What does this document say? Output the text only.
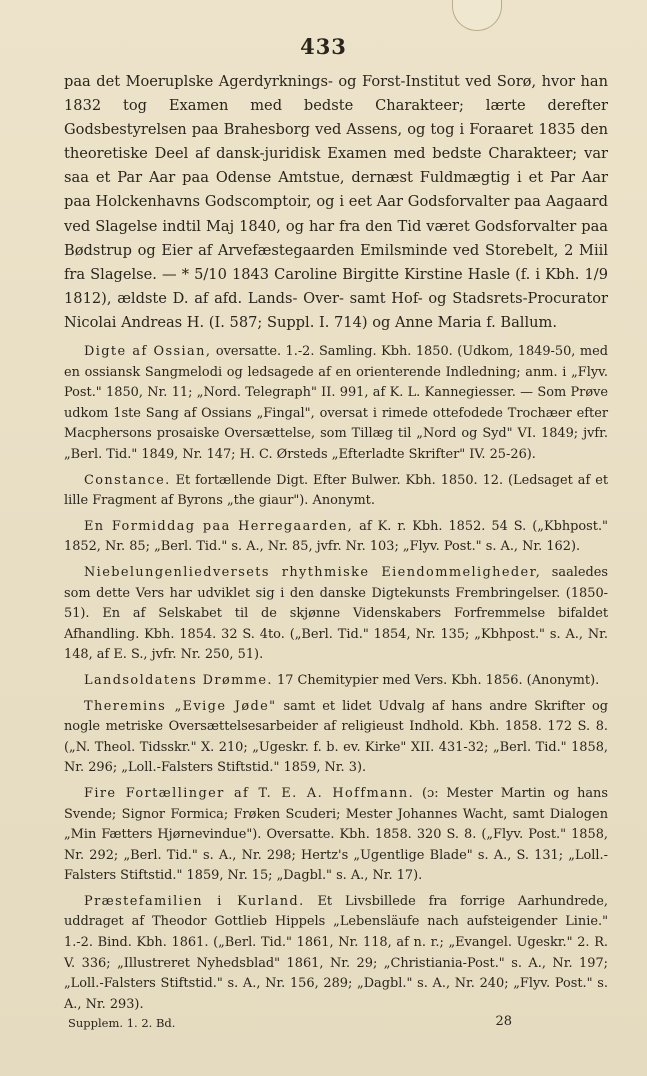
433

paa det Moeruplske Agerdyrknings- og Forst-Institut ved Sorø, hvor han 1832 tog Examen med bedste Charakteer; lærte derefter Godsbestyrelsen paa Brahesborg ved Assens, og tog i Foraaret 1835 den theoretiske Deel af dansk-juridisk Examen med bedste Charakteer; var saa et Par Aar paa Odense Amtstue, dernæst Fuldmægtig i et Par Aar paa Holckenhavns Godscomptoir, og i eet Aar Godsforvalter paa Aagaard ved Slagelse indtil Maj 1840, og har fra den Tid været Godsforvalter paa Bødstrup og Eier af Arvefæstegaarden Emilsminde ved Storebelt, 2 Miil fra Slagelse. — * 5/10 1843 Caroline Birgitte Kirstine Hasle (f. i Kbh. 1/9 1812), ældste D. af afd. Lands- Over- samt Hof- og Stadsrets-Procurator Nicolai Andreas H. (I. 587; Suppl. I. 714) og Anne Maria f. Ballum.

Digte af Ossian, oversatte. 1.-2. Samling. Kbh. 1850. (Udkom, 1849-50, med en ossiansk Sangmelodi og ledsagede af en orienterende Indledning; anm. i „Flyv. Post." 1850, Nr. 11; „Nord. Telegraph" II. 991, af K. L. Kannegiesser. — Som Prøve udkom 1ste Sang af Ossians „Fingal", oversat i rimede ottefodede Trochæer efter Macphersons prosaiske Oversættelse, som Tillæg til „Nord og Syd" VI. 1849; jvfr. „Berl. Tid." 1849, Nr. 147; H. C. Ørsteds „Efterladte Skrifter" IV. 25-26).

Constance. Et fortællende Digt. Efter Bulwer. Kbh. 1850. 12. (Ledsaget af et lille Fragment af Byrons „the giaur"). Anonymt.

En Formiddag paa Herregaarden, af K. r. Kbh. 1852. 54 S. („Kbhpost." 1852, Nr. 85; „Berl. Tid." s. A., Nr. 85, jvfr. Nr. 103; „Flyv. Post." s. A., Nr. 162).

Niebelungenliedversets rhythmiske Eiendommeligheder, saaledes som dette Vers har udviklet sig i den danske Digtekunsts Frembringelser. (1850-51). En af Selskabet til de skjønne Videnskabers Forfremmelse bifaldet Afhandling. Kbh. 1854. 32 S. 4to. („Berl. Tid." 1854, Nr. 135; „Kbhpost." s. A., Nr. 148, af E. S., jvfr. Nr. 250, 51).

Landsoldatens Drømme. 17 Chemitypier med Vers. Kbh. 1856. (Anonymt).

Theremins „Evige Jøde" samt et lidet Udvalg af hans andre Skrifter og nogle metriske Oversættelsesarbeider af religieust Indhold. Kbh. 1858. 172 S. 8. („N. Theol. Tidsskr." X. 210; „Ugeskr. f. b. ev. Kirke" XII. 431-32; „Berl. Tid." 1858, Nr. 296; „Loll.-Falsters Stiftstid." 1859, Nr. 3).

Fire Fortællinger af T. E. A. Hoffmann. (ɔ: Mester Martin og hans Svende; Signor Formica; Frøken Scuderi; Mester Johannes Wacht, samt Dialogen „Min Fætters Hjørnevindue"). Oversatte. Kbh. 1858. 320 S. 8. („Flyv. Post." 1858, Nr. 292; „Berl. Tid." s. A., Nr. 298; Hertz's „Ugentlige Blade" s. A., S. 131; „Loll.-Falsters Stiftstid." 1859, Nr. 15; „Dagbl." s. A., Nr. 17).

Præstefamilien i Kurland. Et Livsbillede fra forrige Aarhundrede, uddraget af Theodor Gottlieb Hippels „Lebensläufe nach aufsteigender Linie." 1.-2. Bind. Kbh. 1861. („Berl. Tid." 1861, Nr. 118, af n. r.; „Evangel. Ugeskr." 2. R. V. 336; „Illustreret Nyhedsblad" 1861, Nr. 29; „Christiania-Post." s. A., Nr. 197; „Loll.-Falsters Stiftstid." s. A., Nr. 156, 289; „Dagbl." s. A., Nr. 240; „Flyv. Post." s. A., Nr. 293).

Supplem. 1. 2. Bd.	28
